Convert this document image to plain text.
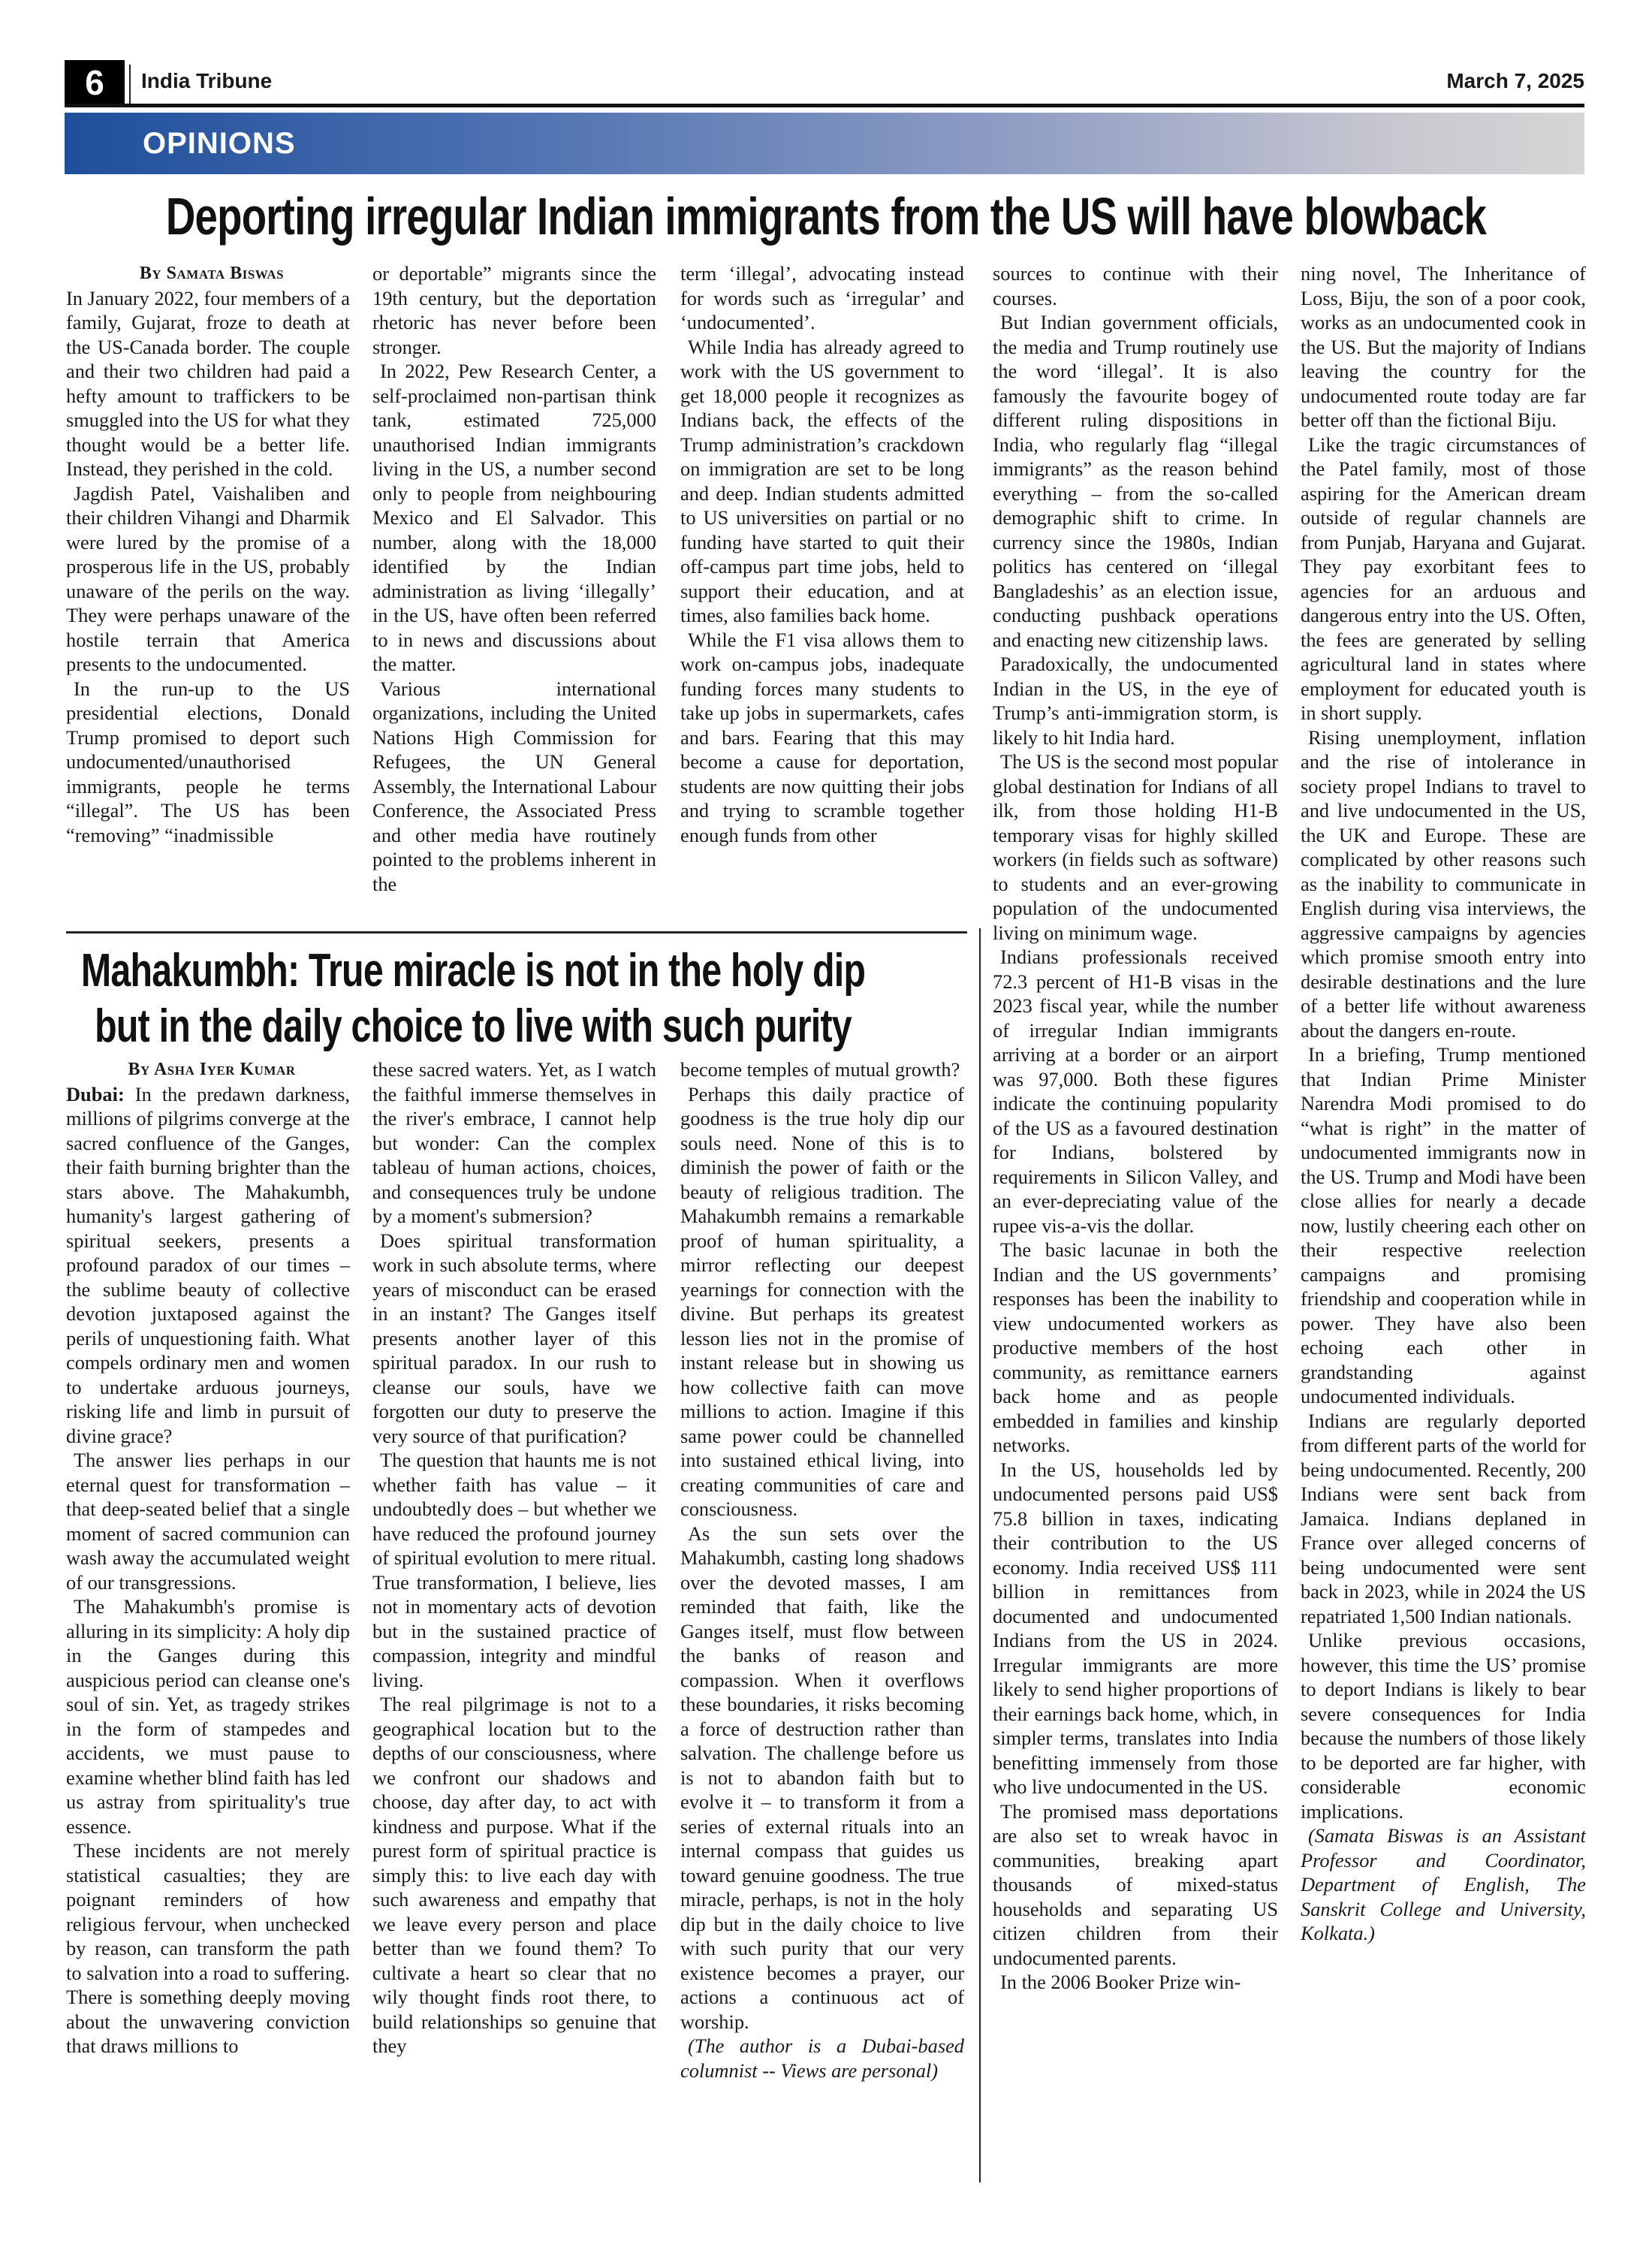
6	India Tribune	March 7, 2025
OPINIONS
Deporting irregular Indian immigrants from the US will have blowback

By Samata Biswas

In January 2022, four members of a family, Gujarat, froze to death at the US-Canada border. The couple and their two children had paid a hefty amount to traffickers to be smuggled into the US for what they thought would be a better life. Instead, they perished in the cold.

Jagdish Patel, Vaishaliben and their children Vihangi and Dharmik were lured by the promise of a prosperous life in the US, probably unaware of the perils on the way. They were perhaps unaware of the hostile terrain that America presents to the undocumented.

In the run-up to the US presidential elections, Donald Trump promised to deport such undocumented/unauthorised immigrants, people he terms “illegal”. The US has been “removing” “inadmissible

or deportable” migrants since the 19th century, but the deportation rhetoric has never before been stronger.

In 2022, Pew Research Center, a self-proclaimed non-partisan think tank, estimated 725,000 unauthorised Indian immigrants living in the US, a number second only to people from neighbouring Mexico and El Salvador. This number, along with the 18,000 identified by the Indian administration as living ‘illegally’ in the US, have often been referred to in news and discussions about the matter.

Various international organizations, including the United Nations High Commission for Refugees, the UN General Assembly, the International Labour Conference, the Associated Press and other media have routinely pointed to the problems inherent in the

term ‘illegal’, advocating instead for words such as ‘irregular’ and ‘undocumented’.

While India has already agreed to work with the US government to get 18,000 people it recognizes as Indians back, the effects of the Trump administration’s crackdown on immigration are set to be long and deep. Indian students admitted to US universities on partial or no funding have started to quit their off-campus part time jobs, held to support their education, and at times, also families back home.

While the F1 visa allows them to work on-campus jobs, inadequate funding forces many students to take up jobs in supermarkets, cafes and bars. Fearing that this may become a cause for deportation, students are now quitting their jobs and trying to scramble together enough funds from other

sources to continue with their courses.

But Indian government officials, the media and Trump routinely use the word ‘illegal’. It is also famously the favourite bogey of different ruling dispositions in India, who regularly flag “illegal immigrants” as the reason behind everything – from the so-called demographic shift to crime. In currency since the 1980s, Indian politics has centered on ‘illegal Bangladeshis’ as an election issue, conducting pushback operations and enacting new citizenship laws.

Paradoxically, the undocumented Indian in the US, in the eye of Trump’s anti-immigration storm, is likely to hit India hard.

The US is the second most popular global destination for Indians of all ilk, from those holding H1-B temporary visas for highly skilled workers (in fields such as software) to students and an ever-growing population of the undocumented living on minimum wage.

Indians professionals received 72.3 percent of H1-B visas in the 2023 fiscal year, while the number of irregular Indian immigrants arriving at a border or an airport was 97,000. Both these figures indicate the continuing popularity of the US as a favoured destination for Indians, bolstered by requirements in Silicon Valley, and an ever-depreciating value of the rupee vis-a-vis the dollar.

The basic lacunae in both the Indian and the US governments’ responses has been the inability to view undocumented workers as productive members of the host community, as remittance earners back home and as people embedded in families and kinship networks.

In the US, households led by undocumented persons paid US$ 75.8 billion in taxes, indicating their contribution to the US economy. India received US$ 111 billion in remittances from documented and undocumented Indians from the US in 2024. Irregular immigrants are more likely to send higher proportions of their earnings back home, which, in simpler terms, translates into India benefitting immensely from those who live undocumented in the US.

The promised mass deportations are also set to wreak havoc in communities, breaking apart thousands of mixed-status households and separating US citizen children from their undocumented parents.

In the 2006 Booker Prize win-

ning novel, The Inheritance of Loss, Biju, the son of a poor cook, works as an undocumented cook in the US. But the majority of Indians leaving the country for the undocumented route today are far better off than the fictional Biju.

Like the tragic circumstances of the Patel family, most of those aspiring for the American dream outside of regular channels are from Punjab, Haryana and Gujarat. They pay exorbitant fees to agencies for an arduous and dangerous entry into the US. Often, the fees are generated by selling agricultural land in states where employment for educated youth is in short supply.

Rising unemployment, inflation and the rise of intolerance in society propel Indians to travel to and live undocumented in the US, the UK and Europe. These are complicated by other reasons such as the inability to communicate in English during visa interviews, the aggressive campaigns by agencies which promise smooth entry into desirable destinations and the lure of a better life without awareness about the dangers en-route.

In a briefing, Trump mentioned that Indian Prime Minister Narendra Modi promised to do “what is right” in the matter of undocumented immigrants now in the US. Trump and Modi have been close allies for nearly a decade now, lustily cheering each other on their respective reelection campaigns and promising friendship and cooperation while in power. They have also been echoing each other in grandstanding against undocumented individuals.

Indians are regularly deported from different parts of the world for being undocumented. Recently, 200 Indians were sent back from Jamaica. Indians deplaned in France over alleged concerns of being undocumented were sent back in 2023, while in 2024 the US repatriated 1,500 Indian nationals.

Unlike previous occasions, however, this time the US’ promise to deport Indians is likely to bear severe consequences for India because the numbers of those likely to be deported are far higher, with considerable economic implications.

(Samata Biswas is an Assistant Professor and Coordinator, Department of English, The Sanskrit College and University, Kolkata.)

Mahakumbh: True miracle is not in the holy dip
but in the daily choice to live with such purity

By Asha Iyer Kumar

Dubai: In the predawn darkness, millions of pilgrims converge at the sacred confluence of the Ganges, their faith burning brighter than the stars above. The Mahakumbh, humanity's largest gathering of spiritual seekers, presents a profound paradox of our times – the sublime beauty of collective devotion juxtaposed against the perils of unquestioning faith. What compels ordinary men and women to undertake arduous journeys, risking life and limb in pursuit of divine grace?

The answer lies perhaps in our eternal quest for transformation – that deep-seated belief that a single moment of sacred communion can wash away the accumulated weight of our transgressions.

The Mahakumbh's promise is alluring in its simplicity: A holy dip in the Ganges during this auspicious period can cleanse one's soul of sin. Yet, as tragedy strikes in the form of stampedes and accidents, we must pause to examine whether blind faith has led us astray from spirituality's true essence.

These incidents are not merely statistical casualties; they are poignant reminders of how religious fervour, when unchecked by reason, can transform the path to salvation into a road to suffering. There is something deeply moving about the unwavering conviction that draws millions to

these sacred waters. Yet, as I watch the faithful immerse themselves in the river's embrace, I cannot help but wonder: Can the complex tableau of human actions, choices, and consequences truly be undone by a moment's submersion?

Does spiritual transformation work in such absolute terms, where years of misconduct can be erased in an instant? The Ganges itself presents another layer of this spiritual paradox. In our rush to cleanse our souls, have we forgotten our duty to preserve the very source of that purification?

The question that haunts me is not whether faith has value – it undoubtedly does – but whether we have reduced the profound journey of spiritual evolution to mere ritual. True transformation, I believe, lies not in momentary acts of devotion but in the sustained practice of compassion, integrity and mindful living.

The real pilgrimage is not to a geographical location but to the depths of our consciousness, where we confront our shadows and choose, day after day, to act with kindness and purpose. What if the purest form of spiritual practice is simply this: to live each day with such awareness and empathy that we leave every person and place better than we found them? To cultivate a heart so clear that no wily thought finds root there, to build relationships so genuine that they

become temples of mutual growth?

Perhaps this daily practice of goodness is the true holy dip our souls need. None of this is to diminish the power of faith or the beauty of religious tradition. The Mahakumbh remains a remarkable proof of human spirituality, a mirror reflecting our deepest yearnings for connection with the divine. But perhaps its greatest lesson lies not in the promise of instant release but in showing us how collective faith can move millions to action. Imagine if this same power could be channelled into sustained ethical living, into creating communities of care and consciousness.

As the sun sets over the Mahakumbh, casting long shadows over the devoted masses, I am reminded that faith, like the Ganges itself, must flow between the banks of reason and compassion. When it overflows these boundaries, it risks becoming a force of destruction rather than salvation. The challenge before us is not to abandon faith but to evolve it – to transform it from a series of external rituals into an internal compass that guides us toward genuine goodness. The true miracle, perhaps, is not in the holy dip but in the daily choice to live with such purity that our very existence becomes a prayer, our actions a continuous act of worship.

(The author is a Dubai-based columnist -- Views are personal)
